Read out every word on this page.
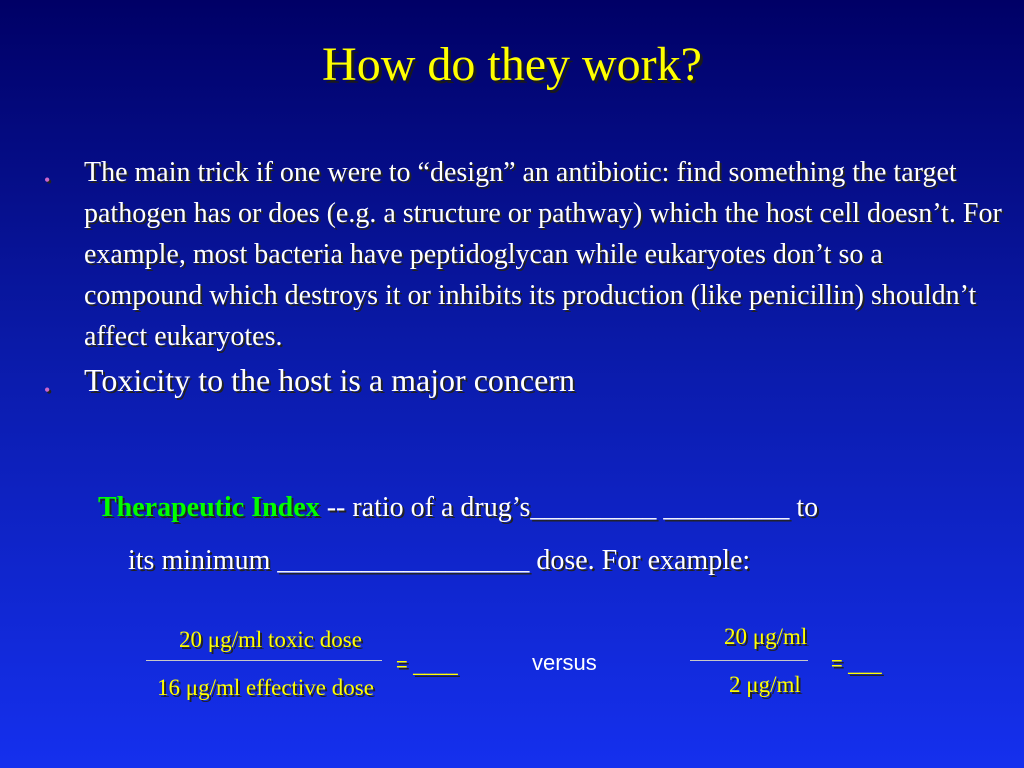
How do they work?
• The main trick if one were to “design” an antibiotic: find something the target pathogen has or does (e.g. a structure or pathway) which the host cell doesn’t. For example, most bacteria have peptidoglycan while eukaryotes don’t so a compound which destroys it or inhibits its production (like penicillin) shouldn’t affect eukaryotes.
• Toxicity to the host is a major concern
Therapeutic Index -- ratio of a drug’s_________ _________ to
its minimum __________________ dose. For example:
20 μg/ml toxic dose
16 μg/ml effective dose
= ____	versus
20 μg/ml
2 μg/ml
= ___
